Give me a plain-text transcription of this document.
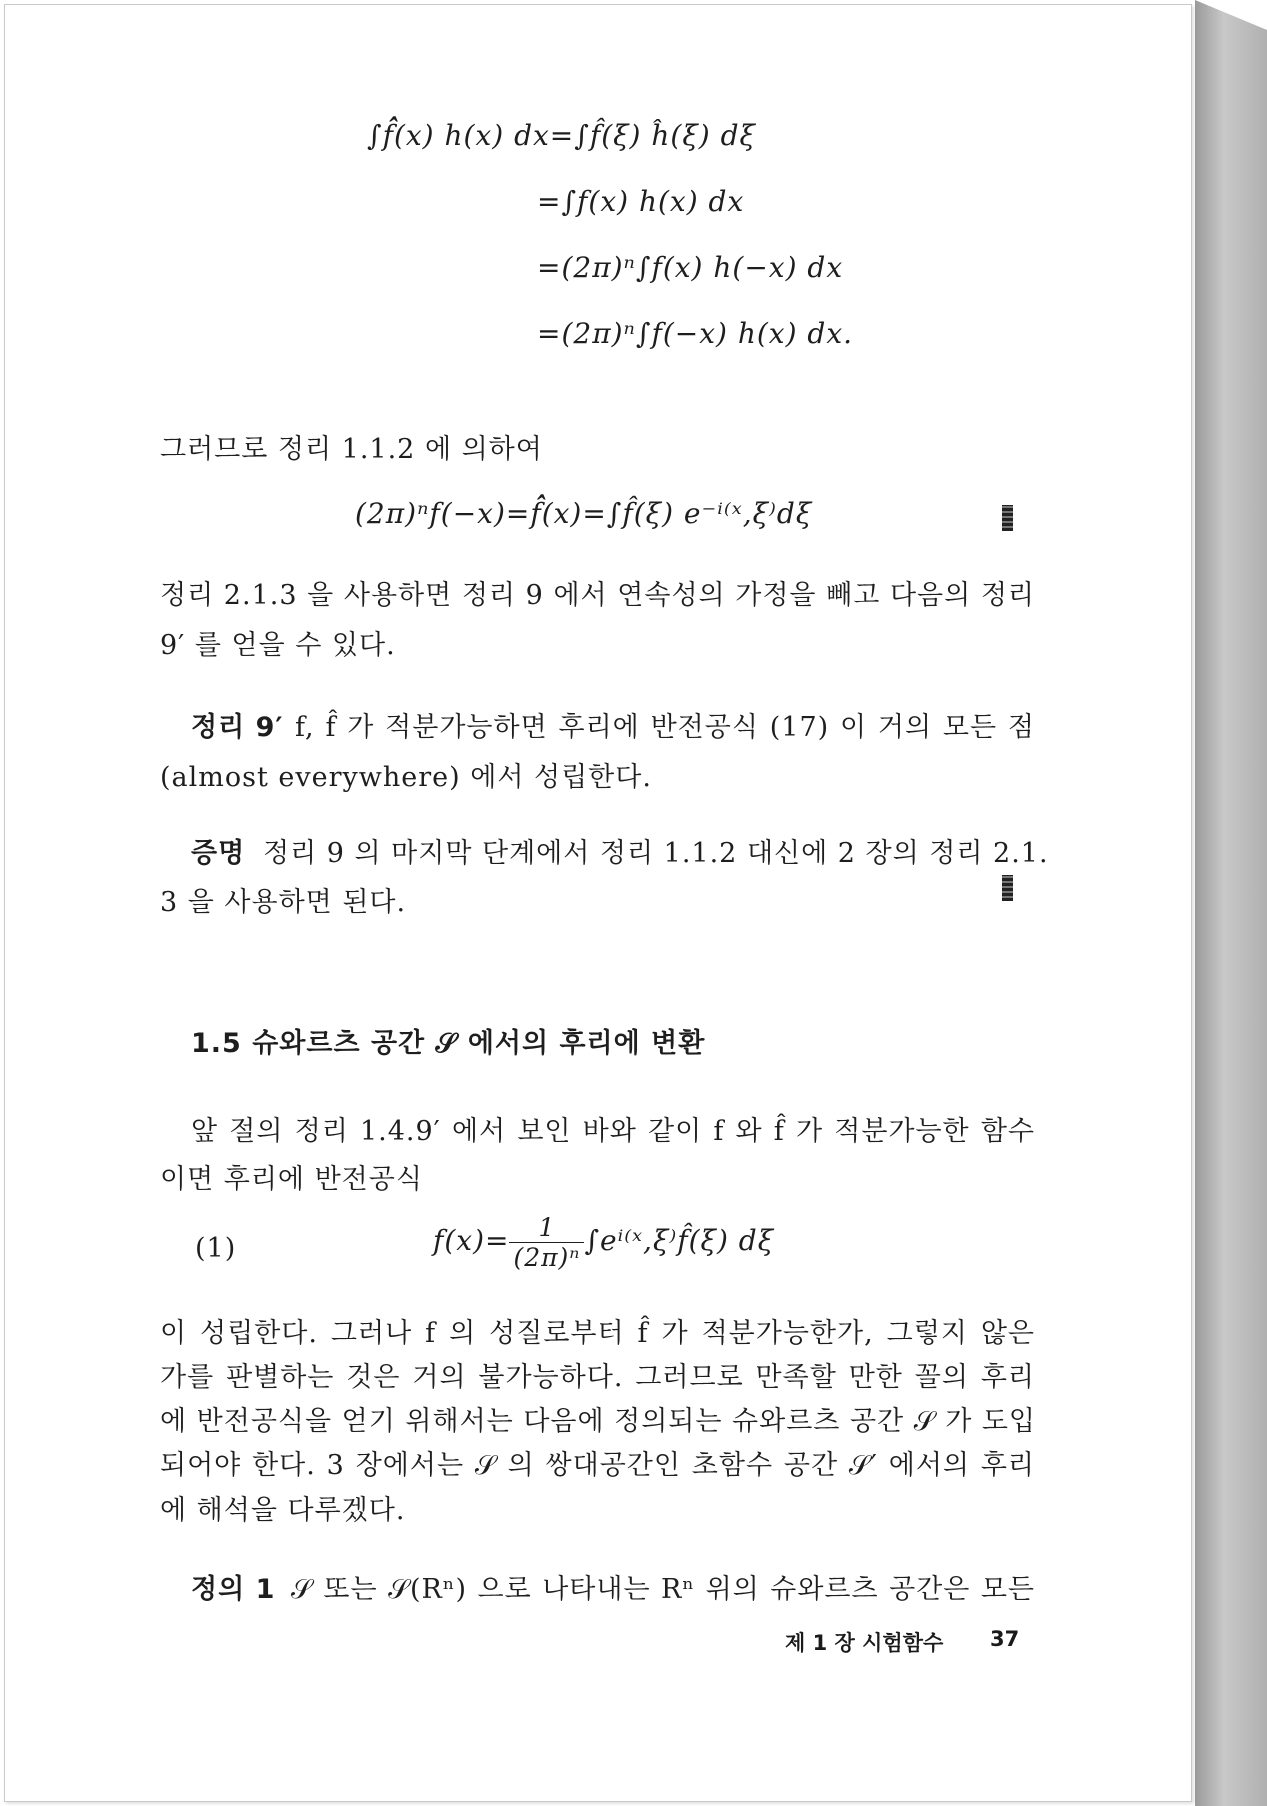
∫f̂̂(x) h(x) dx=∫f̂(ξ) ĥ(ξ) dξ
=∫f(x) h(x) dx
=(2π)ⁿ∫f(x) h(−x) dx
=(2π)ⁿ∫f(−x) h(x) dx.
그러므로 정리 1.1.2 에 의하여
(2π)ⁿf(−x)=f̂̂(x)=∫f̂(ξ) e⁻ⁱ⁽ˣ,ξ⁾dξ
정리 2.1.3 을 사용하면 정리 9 에서 연속성의 가정을 빼고 다음의 정리
9′ 를 얻을 수 있다.
정리 9′ f, f̂ 가 적분가능하면 후리에 반전공식 (17) 이 거의 모든 점
(almost everywhere) 에서 성립한다.
증명 정리 9 의 마지막 단계에서 정리 1.1.2 대신에 2 장의 정리 2.1.
3 을 사용하면 된다.
1.5 슈와르츠 공간 𝒮 에서의 후리에 변환
앞 절의 정리 1.4.9′ 에서 보인 바와 같이 f 와 f̂ 가 적분가능한 함수
이면 후리에 반전공식
(1)	$f(x)= \frac{1}{\text{(2π)ⁿ}}$ ∫eⁱ⁽ˣ,ξ⁾f̂(ξ) dξ
이 성립한다. 그러나 f 의 성질로부터 f̂ 가 적분가능한가, 그렇지 않은
가를 판별하는 것은 거의 불가능하다. 그러므로 만족할 만한 꼴의 후리
에 반전공식을 얻기 위해서는 다음에 정의되는 슈와르츠 공간 𝒮 가 도입
되어야 한다. 3 장에서는 𝒮 의 쌍대공간인 초함수 공간 𝒮′ 에서의 후리
에 해석을 다루겠다.
정의 1 𝒮 또는 𝒮(Rⁿ) 으로 나타내는 Rⁿ 위의 슈와르츠 공간은 모든
제 1 장 시험함수 37
